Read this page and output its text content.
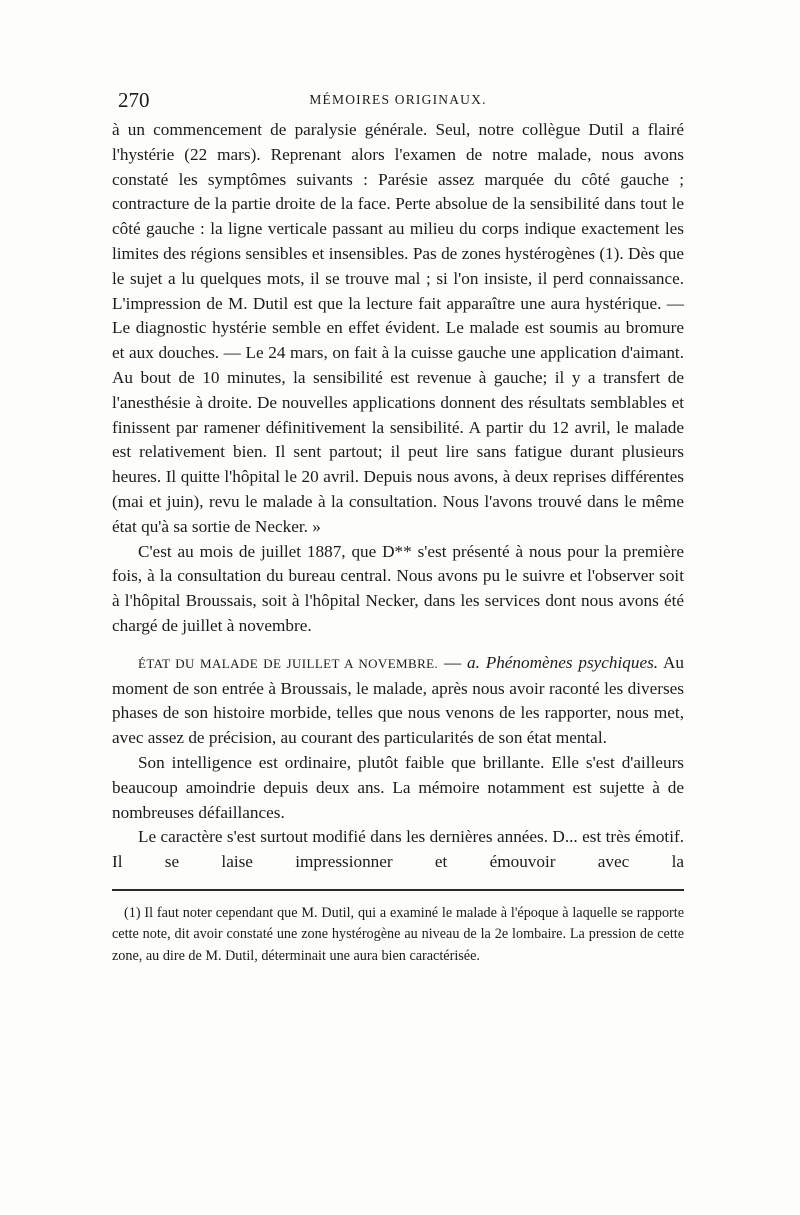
270	MÉMOIRES ORIGINAUX.

à un commencement de paralysie générale. Seul, notre collègue Dutil a flairé l'hystérie (22 mars). Reprenant alors l'examen de notre malade, nous avons constaté les symptômes suivants : Parésie assez marquée du côté gauche ; contracture de la partie droite de la face. Perte absolue de la sensibilité dans tout le côté gauche : la ligne verticale passant au milieu du corps indique exactement les limites des régions sensibles et insensibles. Pas de zones hystérogènes (1). Dès que le sujet a lu quelques mots, il se trouve mal ; si l'on insiste, il perd connaissance. L'impression de M. Dutil est que la lecture fait apparaître une aura hystérique. — Le diagnostic hystérie semble en effet évident. Le malade est soumis au bromure et aux douches. — Le 24 mars, on fait à la cuisse gauche une application d'aimant. Au bout de 10 minutes, la sensibilité est revenue à gauche; il y a transfert de l'anesthésie à droite. De nouvelles applications donnent des résultats semblables et finissent par ramener définitivement la sensibilité. A partir du 12 avril, le malade est relativement bien. Il sent partout; il peut lire sans fatigue durant plusieurs heures. Il quitte l'hôpital le 20 avril. Depuis nous avons, à deux reprises différentes (mai et juin), revu le malade à la consultation. Nous l'avons trouvé dans le même état qu'à sa sortie de Necker. »

C'est au mois de juillet 1887, que D** s'est présenté à nous pour la première fois, à la consultation du bureau central. Nous avons pu le suivre et l'observer soit à l'hôpital Broussais, soit à l'hôpital Necker, dans les services dont nous avons été chargé de juillet à novembre.

ÉTAT DU MALADE DE JUILLET A NOVEMBRE. — a. Phénomènes psychiques. Au moment de son entrée à Broussais, le malade, après nous avoir raconté les diverses phases de son histoire morbide, telles que nous venons de les rapporter, nous met, avec assez de précision, au courant des particularités de son état mental.

Son intelligence est ordinaire, plutôt faible que brillante. Elle s'est d'ailleurs beaucoup amoindrie depuis deux ans. La mémoire notamment est sujette à de nombreuses défaillances.

Le caractère s'est surtout modifié dans les dernières années. D... est très émotif. Il se laise impressionner et émouvoir avec la

(1) Il faut noter cependant que M. Dutil, qui a examiné le malade à l'époque à laquelle se rapporte cette note, dit avoir constaté une zone hystérogène au niveau de la 2e lombaire. La pression de cette zone, au dire de M. Dutil, déterminait une aura bien caractérisée.
